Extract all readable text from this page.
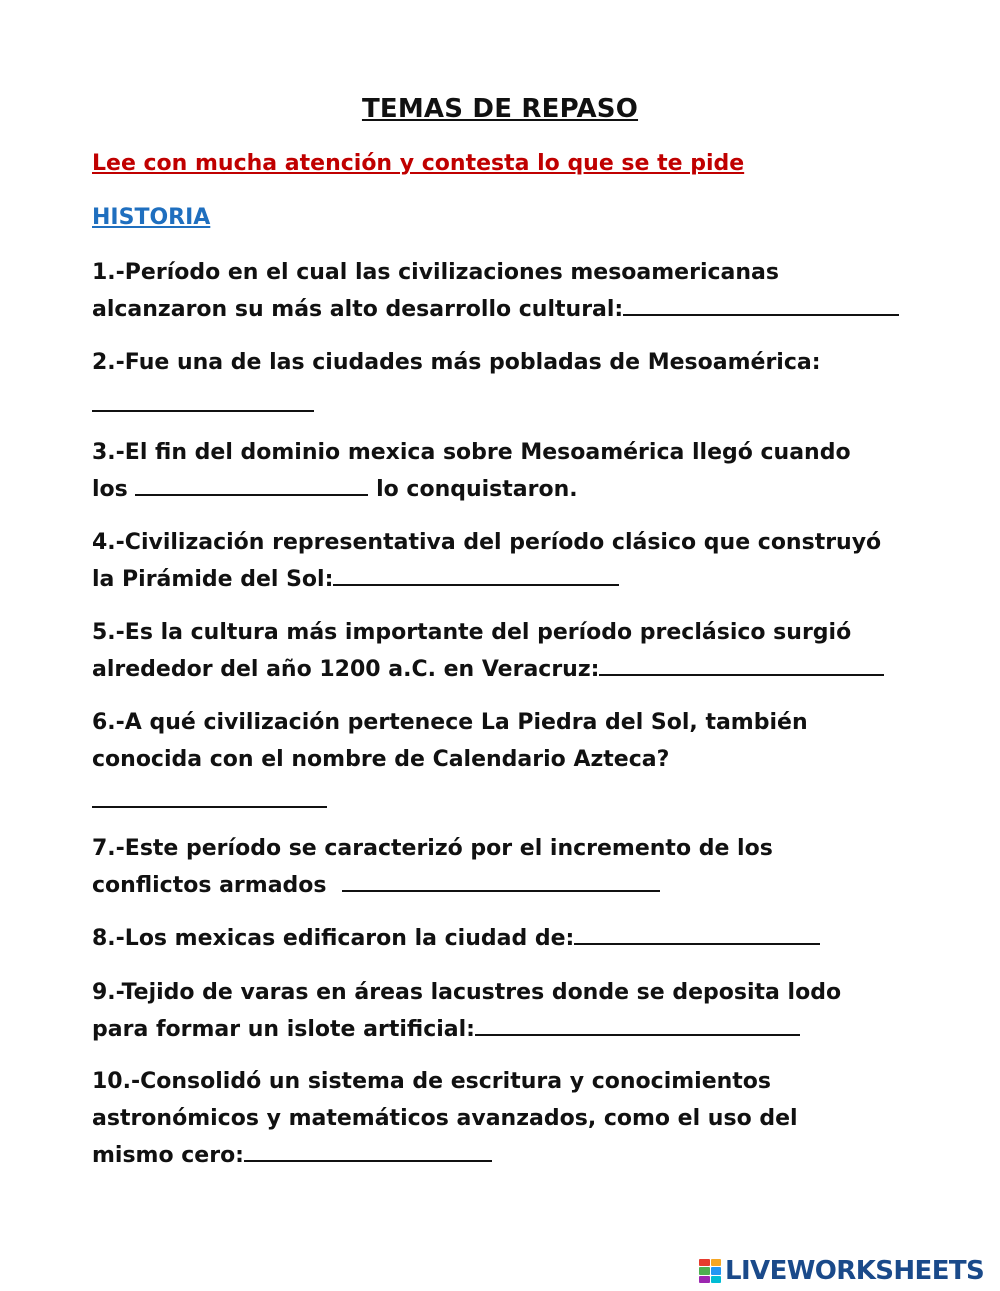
TEMAS DE REPASO
Lee con mucha atención y contesta lo que se te pide
HISTORIA
1.-Período en el cual las civilizaciones mesoamericanas
alcanzaron su más alto desarrollo cultural:
2.-Fue una de las ciudades más pobladas de Mesoamérica:
3.-El fin del dominio mexica sobre Mesoamérica llegó cuando
los	lo conquistaron.
4.-Civilización representativa del período clásico que construyó
la Pirámide del Sol:
5.-Es la cultura más importante del período preclásico surgió
alrededor del año 1200 a.C. en Veracruz:
6.-A qué civilización pertenece La Piedra del Sol, también
conocida con el nombre de Calendario Azteca?
7.-Este período se caracterizó por el incremento de los
conflictos armados
8.-Los mexicas edificaron la ciudad de:
9.-Tejido de varas en áreas lacustres donde se deposita lodo
para formar un islote artificial:
10.-Consolidó un sistema de escritura y conocimientos
astronómicos y matemáticos avanzados, como el uso del
mismo cero:
LIVEWORKSHEETS
